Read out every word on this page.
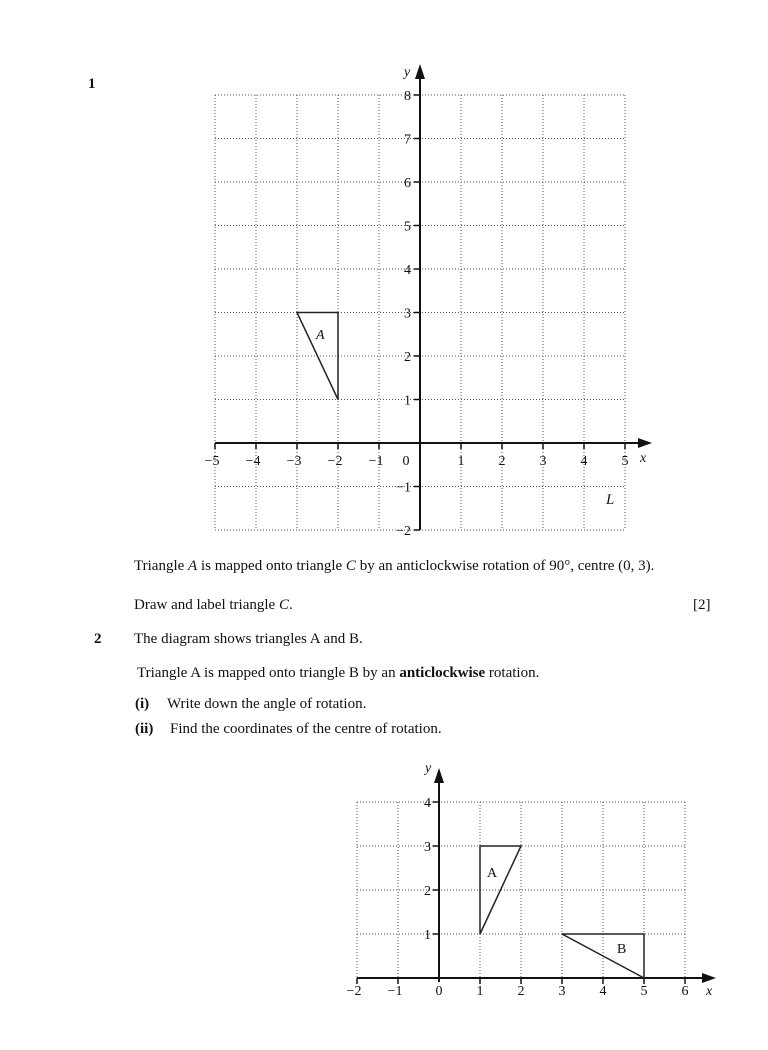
1
−5 −4 −3 −2 −1 0	1 2 3 4 5 x
8
7
6
5
4
3
2
1
−1
−2
y
A
L
Triangle A is mapped onto triangle C by an anticlockwise rotation of 90°, centre (0, 3).
Draw and label triangle C.	[2]
2 The diagram shows triangles A and B.
Triangle A is mapped onto triangle B by an anticlockwise rotation.
(i) Write down the angle of rotation.
(ii) Find the coordinates of the centre of rotation.
−2 −1 0 1 2 3 4 5 6 x
4
3
2
1
y
A
B
